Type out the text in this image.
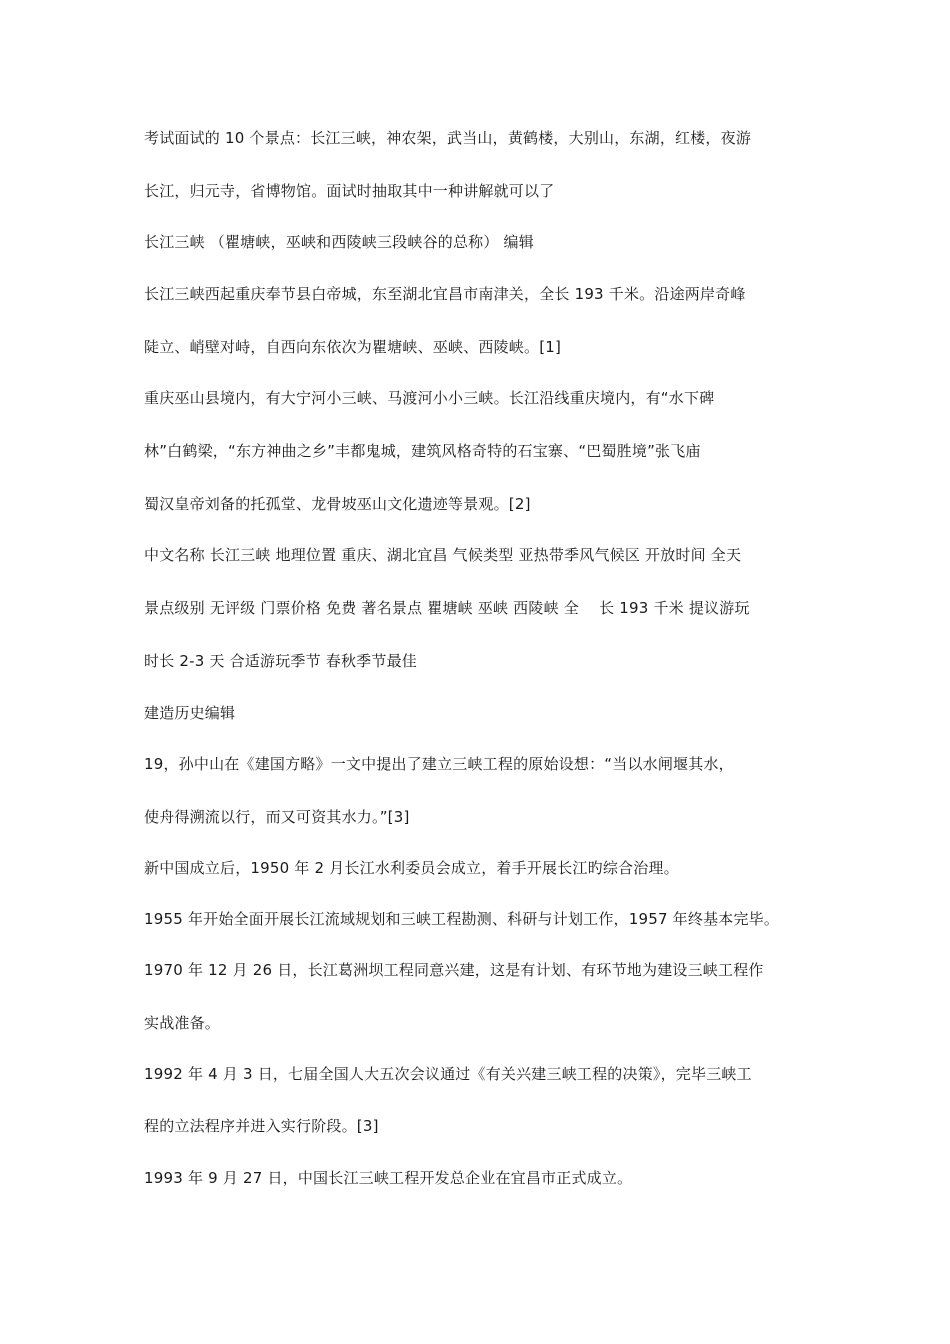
考试面试的 10 个景点：长江三峡，神农架，武当山，黄鹤楼，大别山，东湖，红楼，夜游
长江，归元寺，省博物馆。面试时抽取其中一种讲解就可以了
长江三峡 （瞿塘峡，巫峡和西陵峡三段峡谷的总称） 编辑
长江三峡西起重庆奉节县白帝城，东至湖北宜昌市南津关，全长 193 千米。沿途两岸奇峰
陡立、峭壁对峙，自西向东依次为瞿塘峡、巫峡、西陵峡。[1]
重庆巫山县境内，有大宁河小三峡、马渡河小小三峡。长江沿线重庆境内，有“水下碑
林”白鹤梁，“东方神曲之乡”丰都鬼城，建筑风格奇特的石宝寨、“巴蜀胜境”张飞庙
蜀汉皇帝刘备的托孤堂、龙骨坡巫山文化遗迹等景观。[2]
中文名称 长江三峡 地理位置 重庆、湖北宜昌 气候类型 亚热带季风气候区 开放时间 全天
景点级别 无评级 门票价格 免费 著名景点 瞿塘峡 巫峡 西陵峡 全　 长 193 千米 提议游玩
时长 2-3 天 合适游玩季节 春秋季节最佳
建造历史编辑
19，孙中山在《建国方略》一文中提出了建立三峡工程的原始设想：“当以水闸堰其水，
使舟得溯流以行，而又可资其水力。”[3]
新中国成立后，1950 年 2 月长江水利委员会成立，着手开展长江旳综合治理。
1955 年开始全面开展长江流域规划和三峡工程勘测、科研与计划工作，1957 年终基本完毕。
1970 年 12 月 26 日，长江葛洲坝工程同意兴建，这是有计划、有环节地为建设三峡工程作
实战准备。
1992 年 4 月 3 日，七届全国人大五次会议通过《有关兴建三峡工程的决策》，完毕三峡工
程的立法程序并进入实行阶段。[3]
1993 年 9 月 27 日，中国长江三峡工程开发总企业在宜昌市正式成立。
